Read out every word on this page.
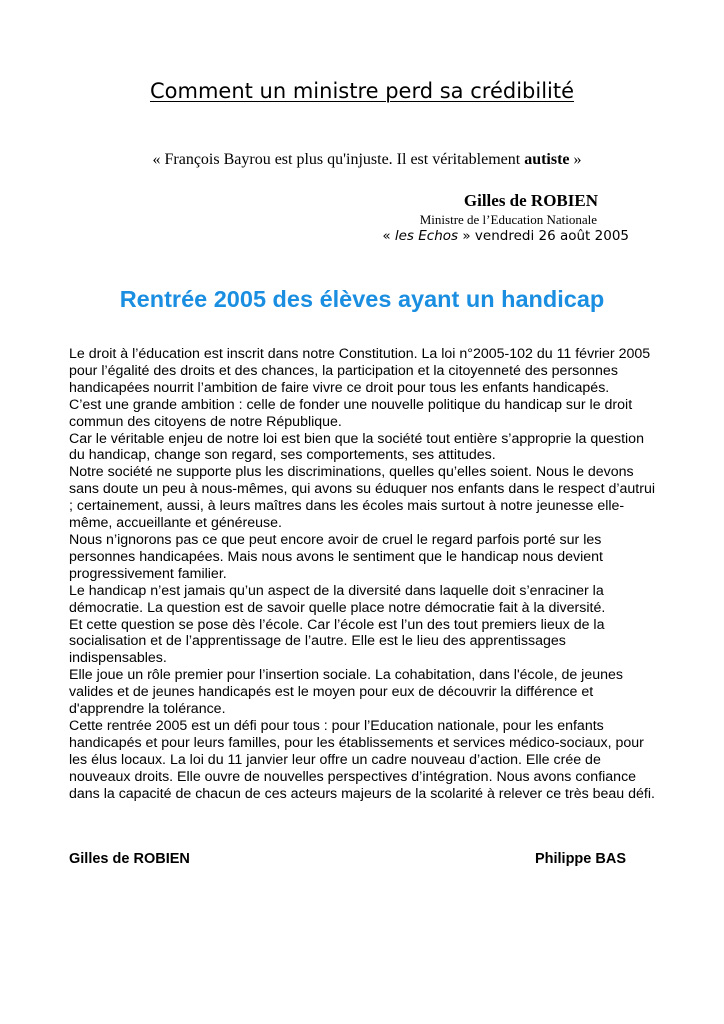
Comment un ministre perd sa crédibilité
« François Bayrou est plus qu'injuste. Il est véritablement autiste »
Gilles de ROBIEN
Ministre de l’Education Nationale
« les Echos » vendredi 26 août 2005
Rentrée 2005 des élèves ayant un handicap

Le droit à l’éducation est inscrit dans notre Constitution. La loi n°2005-102 du 11 février 2005 pour l’égalité des droits et des chances, la participation et la citoyenneté des personnes handicapées nourrit l’ambition de faire vivre ce droit pour tous les enfants handicapés.

C’est une grande ambition : celle de fonder une nouvelle politique du handicap sur le droit commun des citoyens de notre République.

Car le véritable enjeu de notre loi est bien que la société tout entière s’approprie la question du handicap, change son regard, ses comportements, ses attitudes.

Notre société ne supporte plus les discriminations, quelles qu’elles soient. Nous le devons sans doute un peu à nous-mêmes, qui avons su éduquer nos enfants dans le respect d’autrui ; certainement, aussi, à leurs maîtres dans les écoles mais surtout à notre jeunesse elle-même, accueillante et généreuse.

Nous n’ignorons pas ce que peut encore avoir de cruel le regard parfois porté sur les personnes handicapées. Mais nous avons le sentiment que le handicap nous devient progressivement familier.

Le handicap n’est jamais qu’un aspect de la diversité dans laquelle doit s’enraciner la démocratie. La question est de savoir quelle place notre démocratie fait à la diversité.

Et cette question se pose dès l’école. Car l’école est l’un des tout premiers lieux de la socialisation et de l’apprentissage de l’autre. Elle est le lieu des apprentissages indispensables.

Elle joue un rôle premier pour l’insertion sociale. La cohabitation, dans l'école, de jeunes valides et de jeunes handicapés est le moyen pour eux de découvrir la différence et d'apprendre la tolérance.

Cette rentrée 2005 est un défi pour tous : pour l’Education nationale, pour les enfants handicapés et pour leurs familles, pour les établissements et services médico-sociaux, pour les élus locaux. La loi du 11 janvier leur offre un cadre nouveau d’action. Elle crée de nouveaux droits. Elle ouvre de nouvelles perspectives d’intégration. Nous avons confiance dans la capacité de chacun de ces acteurs majeurs de la scolarité à relever ce très beau défi.

Gilles de ROBIEN	Philippe BAS
